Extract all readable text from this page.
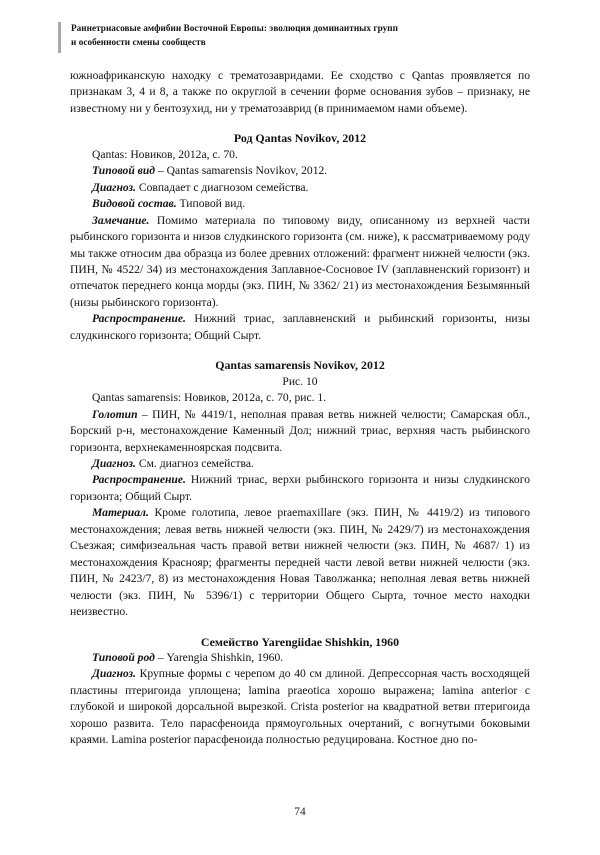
Раннетриасовые амфибии Восточной Европы: эволюция доминантных групп
и особенности смены сообществ

южноафриканскую находку с трематозавридами. Ее сходство с Qantas проявляется по признакам 3, 4 и 8, а также по округлой в сечении форме основания зубов – признаку, не известному ни у бентозухид, ни у трематозаврид (в принимаемом нами объеме).

Род Qantas Novikov, 2012

Qantas: Новиков, 2012а, с. 70.

Типовой вид – Qantas samarensis Novikov, 2012.

Диагноз. Совпадает с диагнозом семейства.

Видовой состав. Типовой вид.

Замечание. Помимо материала по типовому виду, описанному из верхней части рыбинского горизонта и низов слудкинского горизонта (см. ниже), к рассматриваемому роду мы также относим два образца из более древних отложений: фрагмент нижней челюсти (экз. ПИН, № 4522/ 34) из местонахождения Заплавное-Сосновое IV (заплавненский горизонт) и отпечаток переднего конца морды (экз. ПИН, № 3362/ 21) из местонахождения Безымянный (низы рыбинского горизонта).

Распространение. Нижний триас, заплавненский и рыбинский горизонты, низы слудкинского горизонта; Общий Сырт.

Qantas samarensis Novikov, 2012

Рис. 10

Qantas samarensis: Новиков, 2012а, с. 70, рис. 1.

Голотип – ПИН, № 4419/1, неполная правая ветвь нижней челюсти; Самарская обл., Борский р-н, местонахождение Каменный Дол; нижний триас, верхняя часть рыбинского горизонта, верхнекаменноярская подсвита.

Диагноз. См. диагноз семейства.

Распространение. Нижний триас, верхи рыбинского горизонта и низы слудкинского горизонта; Общий Сырт.

Материал. Кроме голотипа, левое praemaxillare (экз. ПИН, № 4419/2) из типового местонахождения; левая ветвь нижней челюсти (экз. ПИН, № 2429/7) из местонахождения Съезжая; симфизеальная часть правой ветви нижней челюсти (экз. ПИН, № 4687/ 1) из местонахождения Краснояр; фрагменты передней части левой ветви нижней челюсти (экз. ПИН, № 2423/7, 8) из местонахождения Новая Таволжанка; неполная левая ветвь нижней челюсти (экз. ПИН, № 5396/1) с территории Общего Сырта, точное место находки неизвестно.

Семейство Yarengiidae Shishkin, 1960

Типовой род – Yarengia Shishkin, 1960.

Диагноз. Крупные формы с черепом до 40 см длиной. Депрессорная часть восходящей пластины птеригоида уплощена; lamina praeotica хорошо выражена; lamina anterior с глубокой и широкой дорсальной вырезкой. Crista posterior на квадратной ветви птеригоида хорошо развита. Тело парасфеноида прямоугольных очертаний, с вогнутыми боковыми краями. Lamina posterior парасфеноида полностью редуцирована. Костное дно по-

74
